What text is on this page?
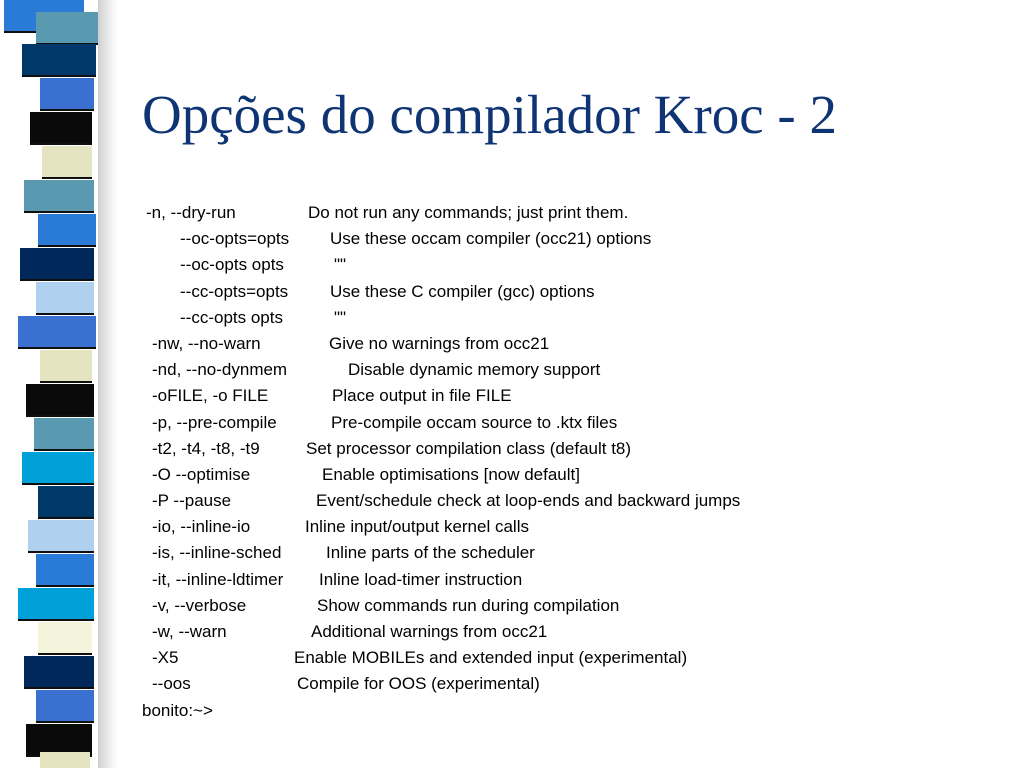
Opções do compilador Kroc - 2
-n, --dry-run	Do not run any commands; just print them.
--oc-opts=opts Use these occam compiler (occ21) options
--oc-opts opts	""
--cc-opts=opts Use these C compiler (gcc) options
--cc-opts opts	""
-nw, --no-warn	Give no warnings from occ21
-nd, --no-dynmem	Disable dynamic memory support
-oFILE, -o FILE	Place output in file FILE
-p, --pre-compile	Pre-compile occam source to .ktx files
-t2, -t4, -t8, -t9	Set processor compilation class (default t8)
-O --optimise	Enable optimisations [now default]
-P --pause	Event/schedule check at loop-ends and backward jumps
-io, --inline-io	Inline input/output kernel calls
-is, --inline-sched	Inline parts of the scheduler
-it, --inline-ldtimer Inline load-timer instruction
-v, --verbose	Show commands run during compilation
-w, --warn	Additional warnings from occ21
-X5	Enable MOBILEs and extended input (experimental)
--oos	Compile for OOS (experimental)
bonito:~>
